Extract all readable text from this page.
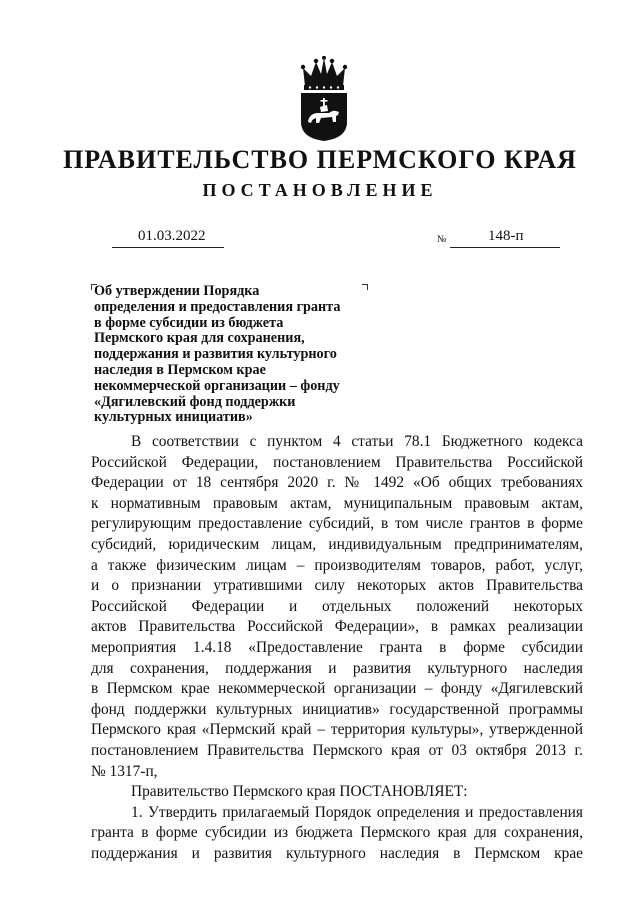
ПРАВИТЕЛЬСТВО ПЕРМСКОГО КРАЯ
ПОСТАНОВЛЕНИЕ
01.03.2022	№	148-п
Об утверждении Порядка
определения и предоставления гранта
в форме субсидии из бюджета
Пермского края для сохранения,
поддержания и развития культурного
наследия в Пермском крае
некоммерческой организации – фонду
«Дягилевский фонд поддержки
культурных инициатив»
В соответствии с пунктом 4 статьи 78.1 Бюджетного кодекса
Российской Федерации, постановлением Правительства Российской
Федерации от 18 сентября 2020 г. № 1492 «Об общих требованиях
к нормативным правовым актам, муниципальным правовым актам,
регулирующим предоставление субсидий, в том числе грантов в форме
субсидий, юридическим лицам, индивидуальным предпринимателям,
а также физическим лицам – производителям товаров, работ, услуг,
и о признании утратившими силу некоторых актов Правительства
Российской Федерации и отдельных положений некоторых
актов Правительства Российской Федерации», в рамках реализации
мероприятия 1.4.18 «Предоставление гранта в форме субсидии
для сохранения, поддержания и развития культурного наследия
в Пермском крае некоммерческой организации – фонду «Дягилевский
фонд поддержки культурных инициатив» государственной программы
Пермского края «Пермский край – территория культуры», утвержденной
постановлением Правительства Пермского края от 03 октября 2013 г.
№ 1317-п,
Правительство Пермского края ПОСТАНОВЛЯЕТ:
1. Утвердить прилагаемый Порядок определения и предоставления
гранта в форме субсидии из бюджета Пермского края для сохранения,
поддержания и развития культурного наследия в Пермском крае
